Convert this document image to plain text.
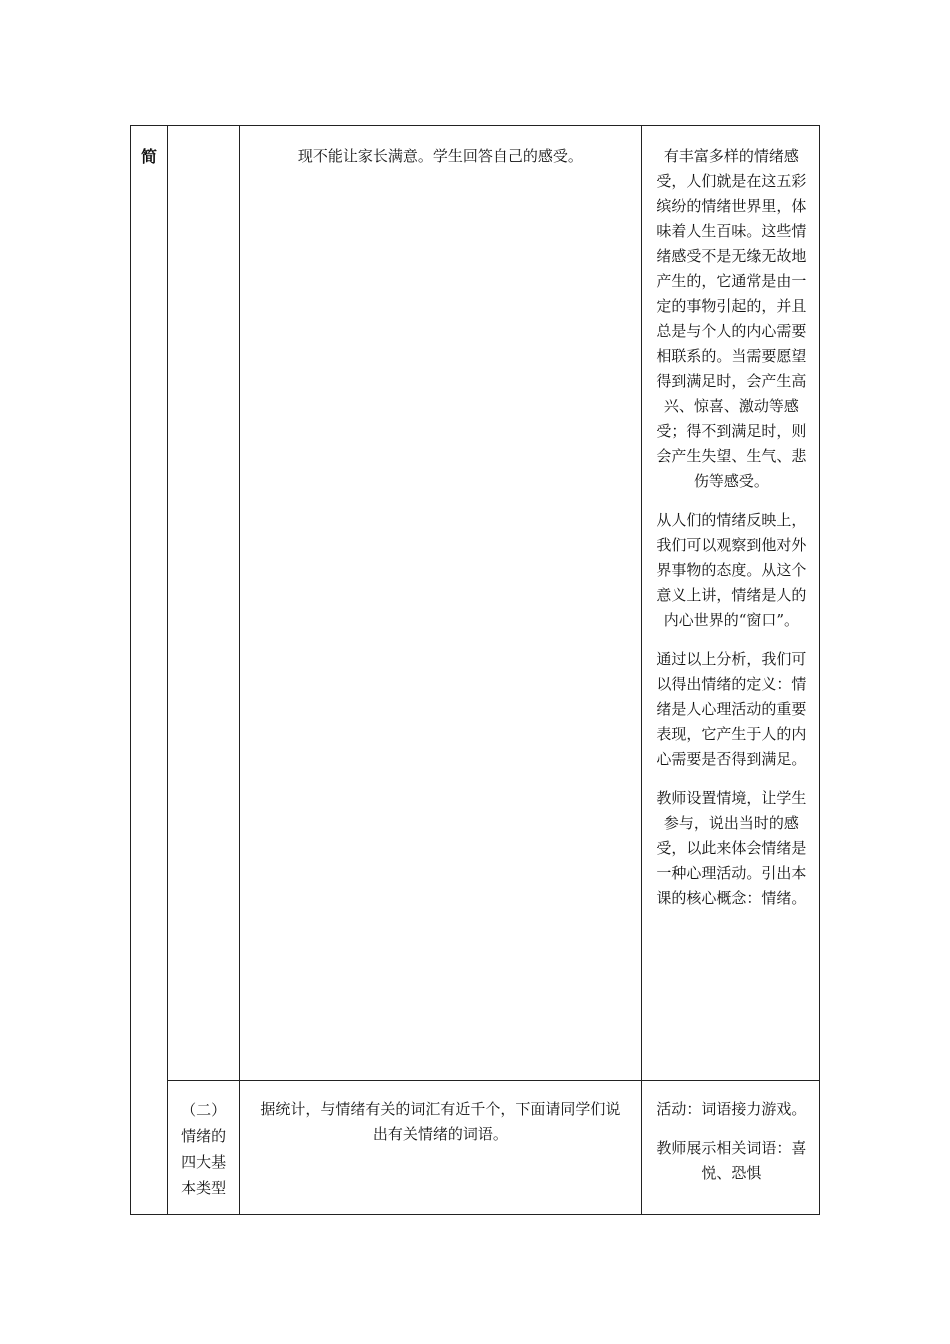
简		现不能让家长满意。学生回答自己的感受。	有丰富多样的情绪感受，人们就是在这五彩缤纷的情绪世界里，体味着人生百味。这些情绪感受不是无缘无故地产生的，它通常是由一定的事物引起的，并且总是与个人的内心需要相联系的。当需要愿望得到满足时，会产生高兴、惊喜、激动等感受；得不到满足时，则会产生失望、生气、悲伤等感受。

从人们的情绪反映上，我们可以观察到他对外界事物的态度。从这个意义上讲，情绪是人的内心世界的“窗口”。

通过以上分析，我们可以得出情绪的定义：情绪是人心理活动的重要表现，它产生于人的内心需要是否得到满足。

教师设置情境，让学生参与，说出当时的感受，以此来体会情绪是一种心理活动。引出本课的核心概念：情绪。

	（二）情绪的四大基本类型	据统计，与情绪有关的词汇有近千个，下面请同学们说出有关情绪的词语。	活动：词语接力游戏。

教师展示相关词语：喜悦、恐惧
